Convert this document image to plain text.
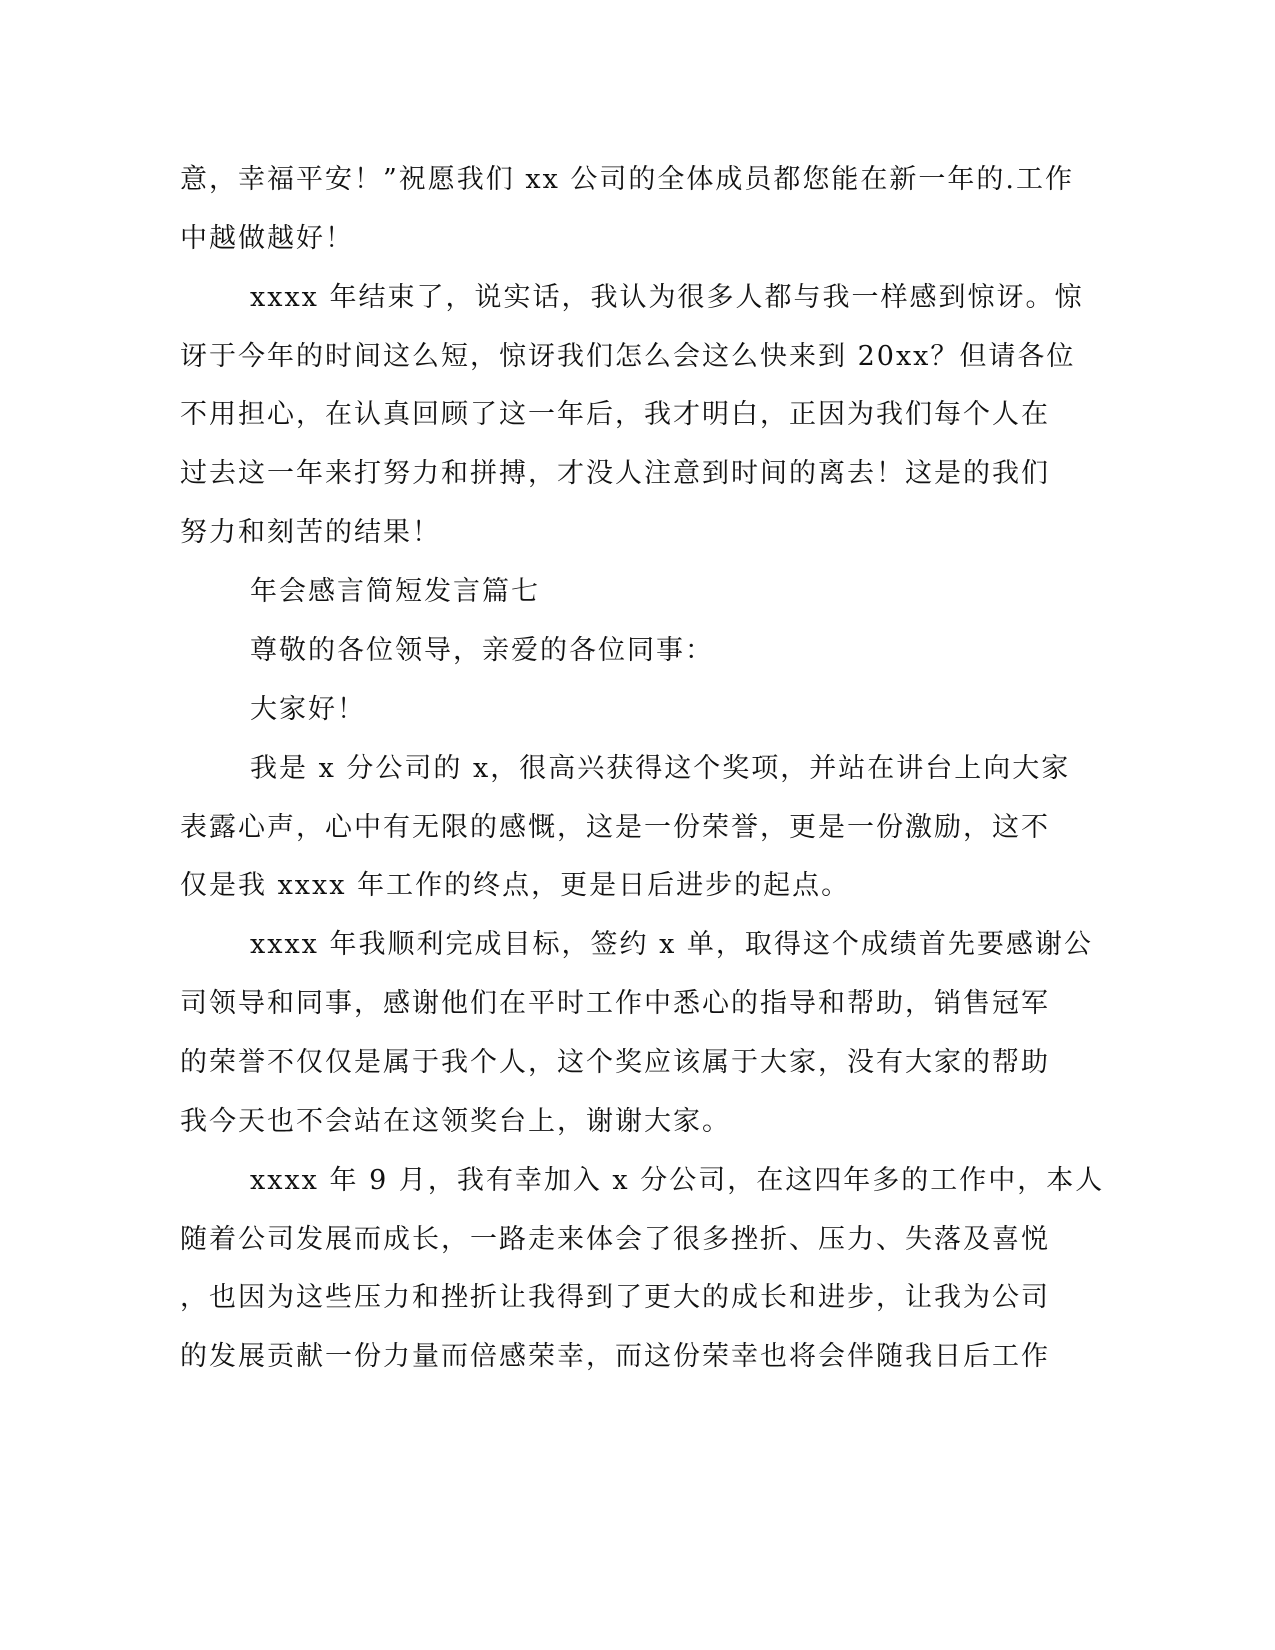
意，幸福平安！”祝愿我们 xx 公司的全体成员都您能在新一年的.工作
中越做越好！
xxxx 年结束了，说实话，我认为很多人都与我一样感到惊讶。惊
讶于今年的时间这么短，惊讶我们怎么会这么快来到 20xx？但请各位
不用担心，在认真回顾了这一年后，我才明白，正因为我们每个人在
过去这一年来打努力和拼搏，才没人注意到时间的离去！这是的我们
努力和刻苦的结果！
年会感言简短发言篇七
尊敬的各位领导，亲爱的各位同事：
大家好！
我是 x 分公司的 x，很高兴获得这个奖项，并站在讲台上向大家
表露心声，心中有无限的感慨，这是一份荣誉，更是一份激励，这不
仅是我 xxxx 年工作的终点，更是日后进步的起点。
xxxx 年我顺利完成目标，签约 x 单，取得这个成绩首先要感谢公
司领导和同事，感谢他们在平时工作中悉心的指导和帮助，销售冠军
的荣誉不仅仅是属于我个人，这个奖应该属于大家，没有大家的帮助
我今天也不会站在这领奖台上，谢谢大家。
xxxx 年 9 月，我有幸加入 x 分公司，在这四年多的工作中，本人
随着公司发展而成长，一路走来体会了很多挫折、压力、失落及喜悦
，也因为这些压力和挫折让我得到了更大的成长和进步，让我为公司
的发展贡献一份力量而倍感荣幸，而这份荣幸也将会伴随我日后工作
